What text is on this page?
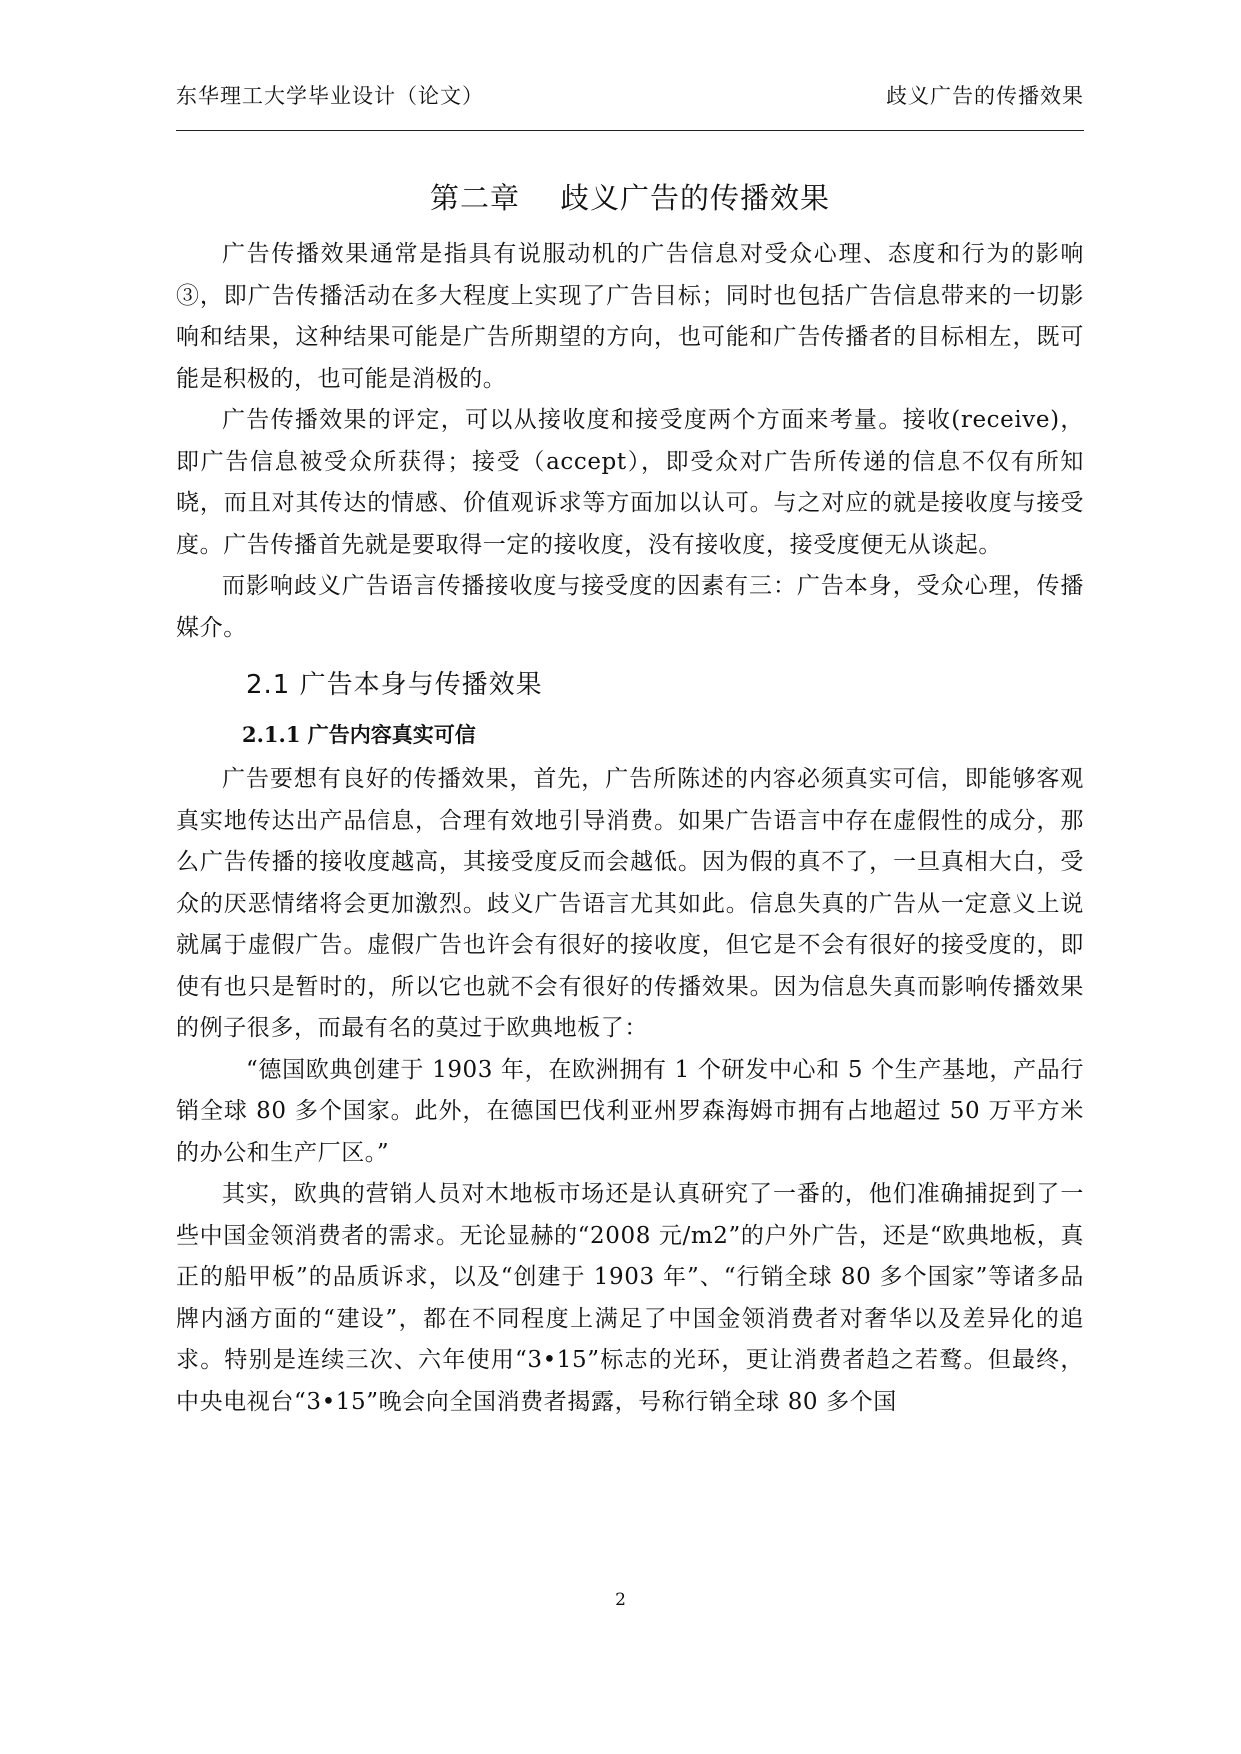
东华理工大学毕业设计（论文）	歧义广告的传播效果
第二章 歧义广告的传播效果

广告传播效果通常是指具有说服动机的广告信息对受众心理、态度和行为的影响③，即广告传播活动在多大程度上实现了广告目标；同时也包括广告信息带来的一切影响和结果，这种结果可能是广告所期望的方向，也可能和广告传播者的目标相左，既可能是积极的，也可能是消极的。

广告传播效果的评定，可以从接收度和接受度两个方面来考量。接收(receive)，即广告信息被受众所获得；接受（accept），即受众对广告所传递的信息不仅有所知晓，而且对其传达的情感、价值观诉求等方面加以认可。与之对应的就是接收度与接受度。广告传播首先就是要取得一定的接收度，没有接收度，接受度便无从谈起。

而影响歧义广告语言传播接收度与接受度的因素有三：广告本身，受众心理，传播媒介。

2.1 广告本身与传播效果
2.1.1 广告内容真实可信

广告要想有良好的传播效果，首先，广告所陈述的内容必须真实可信，即能够客观真实地传达出产品信息，合理有效地引导消费。如果广告语言中存在虚假性的成分，那么广告传播的接收度越高，其接受度反而会越低。因为假的真不了，一旦真相大白，受众的厌恶情绪将会更加激烈。歧义广告语言尤其如此。信息失真的广告从一定意义上说就属于虚假广告。虚假广告也许会有很好的接收度，但它是不会有很好的接受度的，即使有也只是暂时的，所以它也就不会有很好的传播效果。因为信息失真而影响传播效果的例子很多，而最有名的莫过于欧典地板了：

“德国欧典创建于 1903 年，在欧洲拥有 1 个研发中心和 5 个生产基地，产品行销全球 80 多个国家。此外，在德国巴伐利亚州罗森海姆市拥有占地超过 50 万平方米的办公和生产厂区。”

其实，欧典的营销人员对木地板市场还是认真研究了一番的，他们准确捕捉到了一些中国金领消费者的需求。无论显赫的“2008 元/m2”的户外广告，还是“欧典地板，真正的船甲板”的品质诉求，以及“创建于 1903 年”、“行销全球 80 多个国家”等诸多品牌内涵方面的“建设”，都在不同程度上满足了中国金领消费者对奢华以及差异化的追求。特别是连续三次、六年使用“3•15”标志的光环，更让消费者趋之若鹜。但最终，中央电视台“3•15”晚会向全国消费者揭露，号称行销全球 80 多个国

2
